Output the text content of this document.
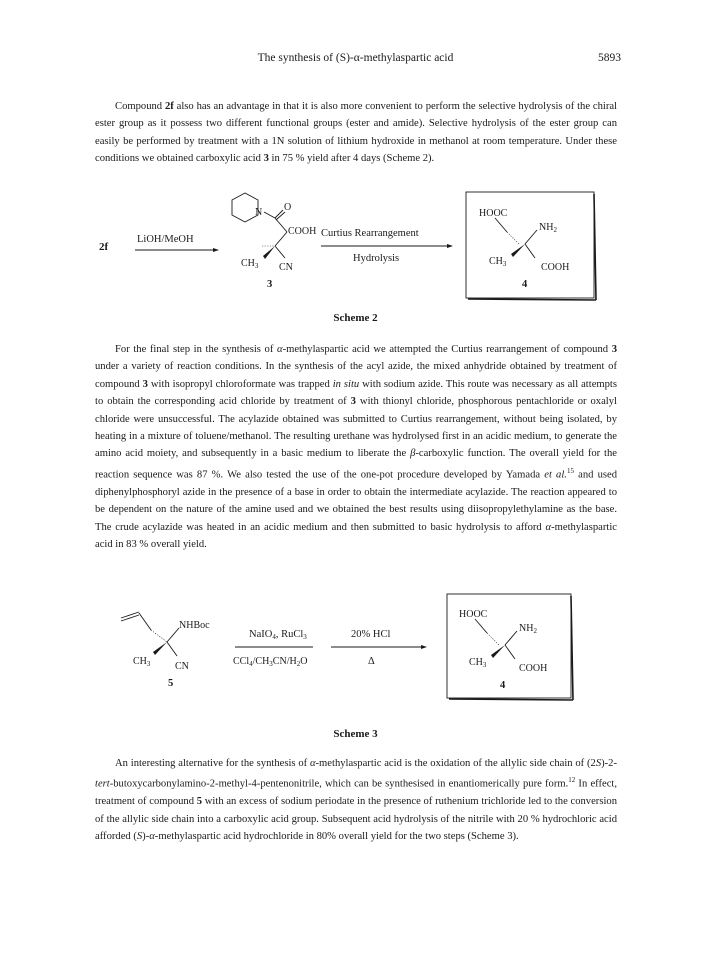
The synthesis of (S)-α-methylaspartic acid	5893

Compound 2f also has an advantage in that it is also more convenient to perform the selective hydrolysis of the chiral ester group as it possess two different functional groups (ester and amide). Selective hydrolysis of the ester group can easily be performed by treatment with a 1N solution of lithium hydroxide in methanol at room temperature. Under these conditions we obtained carboxylic acid 3 in 75 % yield after 4 days (Scheme 2).

2f
LiOH/MeOH
N O
COOH
$CH_3$ CN
3
Curtius Rearrangement
Hydrolysis
HOOC
$NH_2$
$CH_3$	COOH
4
Scheme 2

For the final step in the synthesis of α-methylaspartic acid we attempted the Curtius rearrangement of compound 3 under a variety of reaction conditions. In the synthesis of the acyl azide, the mixed anhydride obtained by treatment of compound 3 with isopropyl chloroformate was trapped in situ with sodium azide. This route was necessary as all attempts to obtain the corresponding acid chloride by treatment of 3 with thionyl chloride, phosphorous pentachloride or oxalyl chloride were unsuccessful. The acylazide obtained was submitted to Curtius rearrangement, without being isolated, by heating in a mixture of toluene/methanol. The resulting urethane was hydrolysed first in an acidic medium, to generate the amino acid moiety, and subsequently in a basic medium to liberate the β-carboxylic function. The overall yield for the reaction sequence was 87 %. We also tested the use of the one-pot procedure developed by Yamada et al.$^{15}$ and used diphenylphosphoryl azide in the presence of a base in order to obtain the intermediate acylazide. The reaction appeared to be dependent on the nature of the amine used and we obtained the best results using diisopropylethylamine as the base. The crude acylazide was heated in an acidic medium and then submitted to basic hydrolysis to afford α-methylaspartic acid in 83 % overall yield.

NHBoc
$CH_3$ CN
5
NaIO4, RuCl3
$CCl_4/CH_3CN/H_2O$
20% HCl
Δ
HOOC
$NH_2$
$CH_3$	COOH
4
Scheme 3

An interesting alternative for the synthesis of α-methylaspartic acid is the oxidation of the allylic side chain of (2S)-2-tert-butoxycarbonylamino-2-methyl-4-pentenonitrile, which can be synthesised in enantiomerically pure form.$^{12}$ In effect, treatment of compound 5 with an excess of sodium periodate in the presence of ruthenium trichloride led to the conversion of the allylic side chain into a carboxylic acid group. Subsequent acid hydrolysis of the nitrile with 20 % hydrochloric acid afforded (S)-α-methylaspartic acid hydrochloride in 80% overall yield for the two steps (Scheme 3).
